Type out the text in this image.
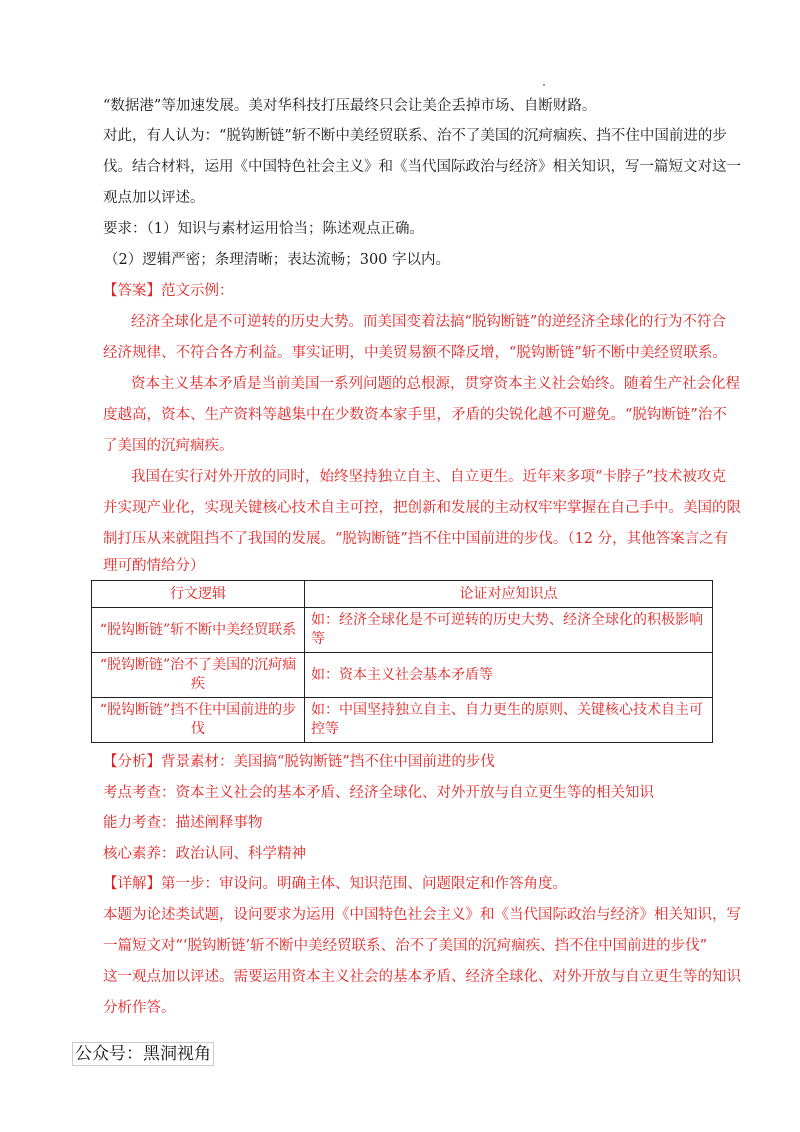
“数据港”等加速发展。美对华科技打压最终只会让美企丢掉市场、自断财路。
对此，有人认为：“脱钩断链”斩不断中美经贸联系、治不了美国的沉疴痼疾、挡不住中国前进的步
伐。结合材料，运用《中国特色社会主义》和《当代国际政治与经济》相关知识，写一篇短文对这一
观点加以评述。
要求：（1）知识与素材运用恰当；陈述观点正确。
（2）逻辑严密；条理清晰；表达流畅；300 字以内。
【答案】范文示例：
经济全球化是不可逆转的历史大势。而美国变着法搞“脱钩断链”的逆经济全球化的行为不符合
经济规律、不符合各方利益。事实证明，中美贸易额不降反增，“脱钩断链”斩不断中美经贸联系。
资本主义基本矛盾是当前美国一系列问题的总根源，贯穿资本主义社会始终。随着生产社会化程
度越高，资本、生产资料等越集中在少数资本家手里，矛盾的尖锐化越不可避免。“脱钩断链”治不
了美国的沉疴痼疾。
我国在实行对外开放的同时，始终坚持独立自主、自立更生。近年来多项“卡脖子”技术被攻克
并实现产业化，实现关键核心技术自主可控，把创新和发展的主动权牢牢掌握在自己手中。美国的限
制打压从来就阻挡不了我国的发展。“脱钩断链”挡不住中国前进的步伐。（12 分，其他答案言之有
理可酌情给分）
行文逻辑	论证对应知识点
“脱钩断链”斩不断中美经贸联系	如：经济全球化是不可逆转的历史大势、经济全球化的积极影响等
“脱钩断链”治不了美国的沉疴痼疾	如：资本主义社会基本矛盾等
“脱钩断链”挡不住中国前进的步伐	如：中国坚持独立自主、自力更生的原则、关键核心技术自主可控等
【分析】背景素材：美国搞“脱钩断链”挡不住中国前进的步伐
考点考查：资本主义社会的基本矛盾、经济全球化、对外开放与自立更生等的相关知识
能力考查：描述阐释事物
核心素养：政治认同、科学精神
【详解】第一步：审设问。明确主体、知识范围、问题限定和作答角度。
本题为论述类试题，设问要求为运用《中国特色社会主义》和《当代国际政治与经济》相关知识，写
一篇短文对“‘脱钩断链’斩不断中美经贸联系、治不了美国的沉疴痼疾、挡不住中国前进的步伐”
这一观点加以评述。需要运用资本主义社会的基本矛盾、经济全球化、对外开放与自立更生等的知识
分析作答。
公众号：黑洞视角
